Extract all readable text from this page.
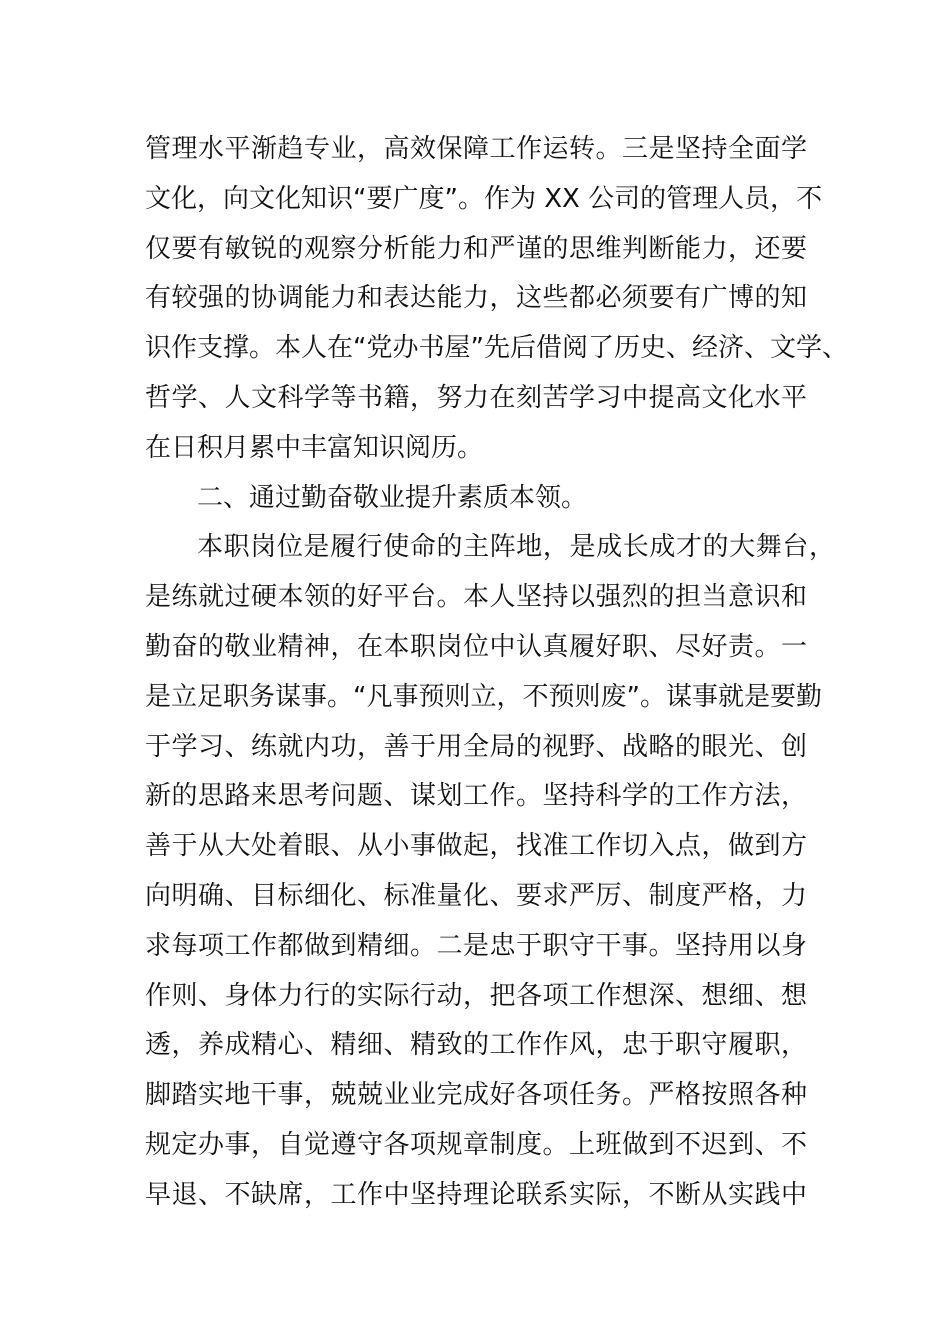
管理水平渐趋专业，高效保障工作运转。三是坚持全面学
文化，向文化知识“要广度”。作为 XX 公司的管理人员，不
仅要有敏锐的观察分析能力和严谨的思维判断能力，还要
有较强的协调能力和表达能力，这些都必须要有广博的知
识作支撑。本人在“党办书屋”先后借阅了历史、经济、文学、
哲学、人文科学等书籍，努力在刻苦学习中提高文化水平
在日积月累中丰富知识阅历。
二、通过勤奋敬业提升素质本领。
本职岗位是履行使命的主阵地，是成长成才的大舞台，
是练就过硬本领的好平台。本人坚持以强烈的担当意识和
勤奋的敬业精神，在本职岗位中认真履好职、尽好责。一
是立足职务谋事。“凡事预则立，不预则废”。谋事就是要勤
于学习、练就内功，善于用全局的视野、战略的眼光、创
新的思路来思考问题、谋划工作。坚持科学的工作方法，
善于从大处着眼、从小事做起，找准工作切入点，做到方
向明确、目标细化、标准量化、要求严厉、制度严格，力
求每项工作都做到精细。二是忠于职守干事。坚持用以身
作则、身体力行的实际行动，把各项工作想深、想细、想
透，养成精心、精细、精致的工作作风，忠于职守履职，
脚踏实地干事，兢兢业业完成好各项任务。严格按照各种
规定办事，自觉遵守各项规章制度。上班做到不迟到、不
早退、不缺席，工作中坚持理论联系实际，不断从实践中
